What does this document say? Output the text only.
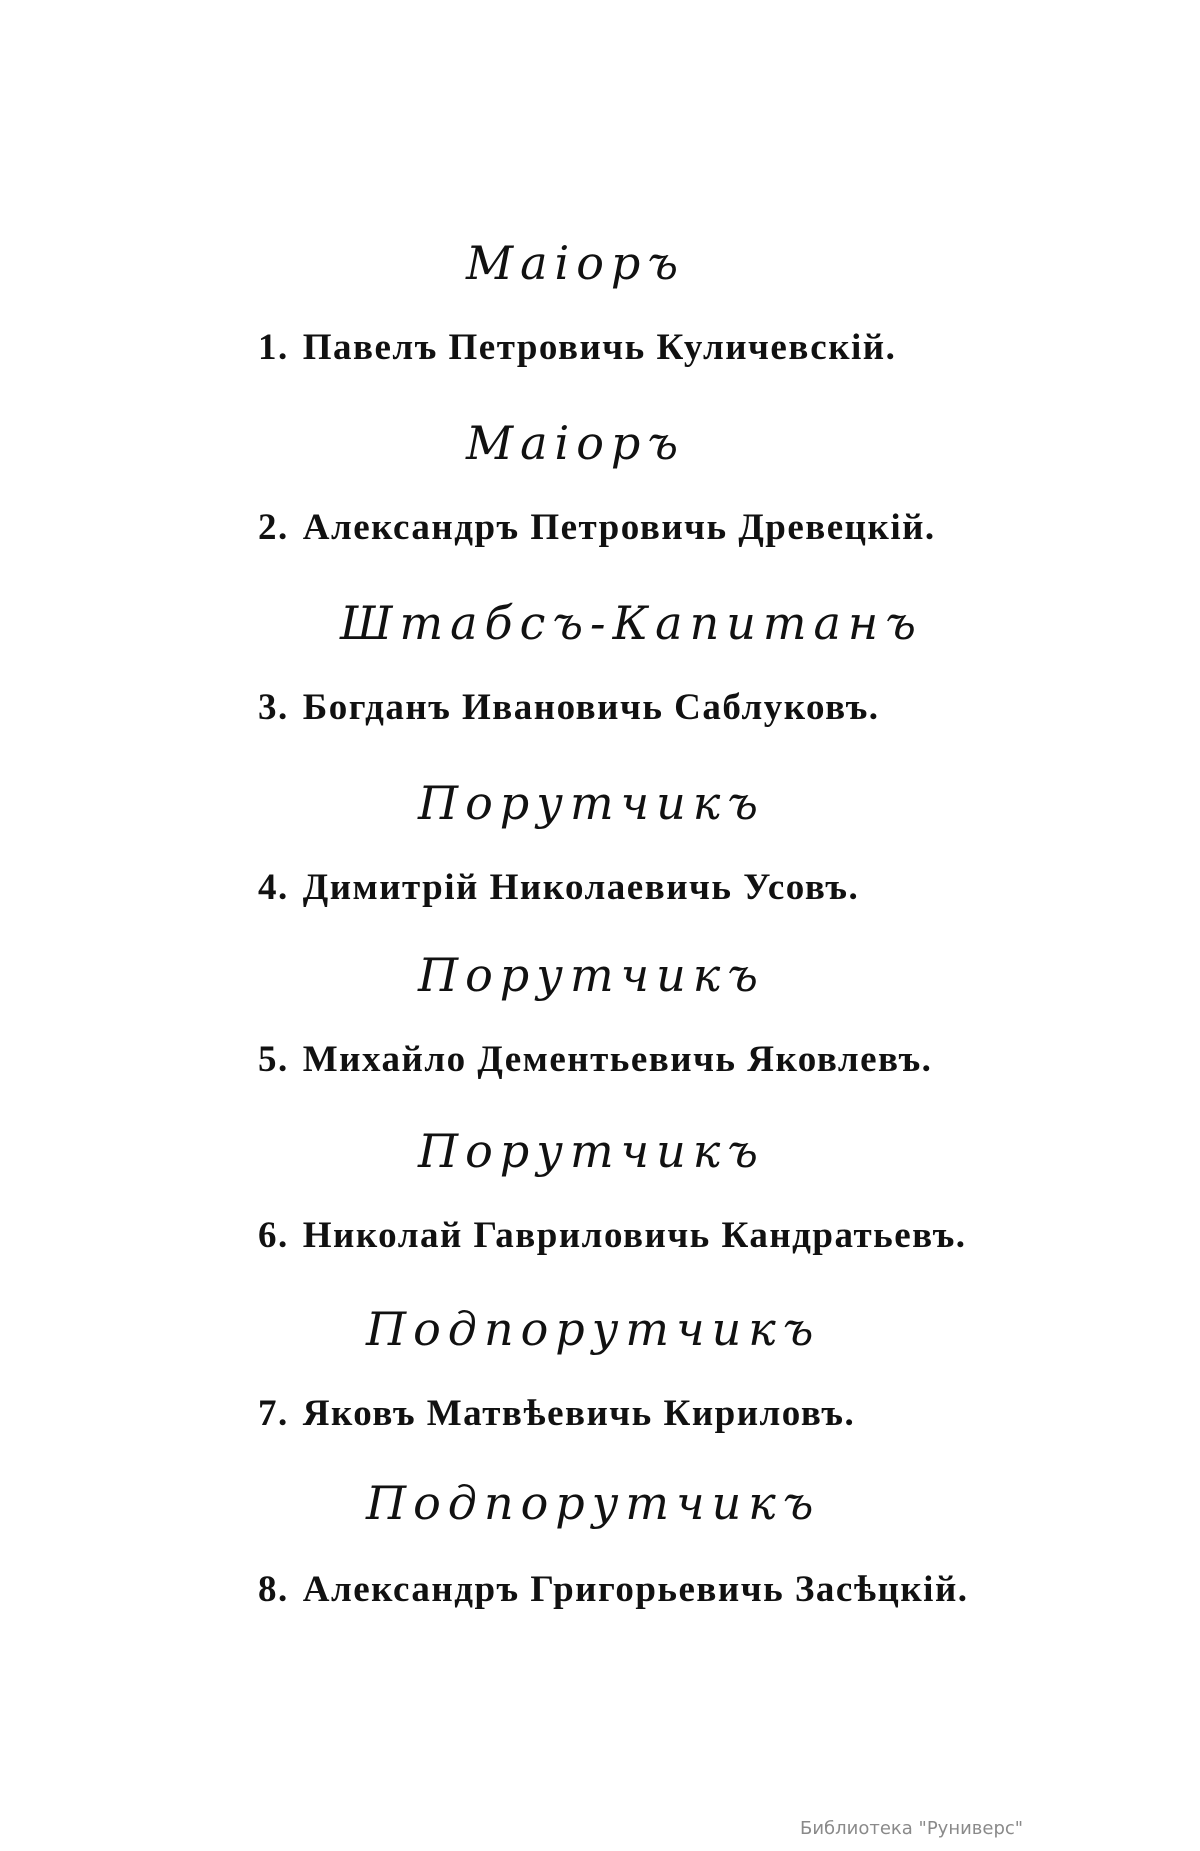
Маіоръ
1. Павелъ Петровичь Куличевскій.
Маіоръ
2. Александръ Петровичь Древецкій.
Штабсъ-Капитанъ
3. Богданъ Ивановичь Саблуковъ.
Порутчикъ
4. Димитрій Николаевичь Усовъ.
Порутчикъ
5. Михайло Дементьевичь Яковлевъ.
Порутчикъ
6. Николай Гавриловичь Кандратьевъ.
Подпорутчикъ
7. Яковъ Матвѣевичь Кириловъ.
Подпорутчикъ
8. Александръ Григорьевичь Засѣцкій.
Библиотека "Руниверс"
